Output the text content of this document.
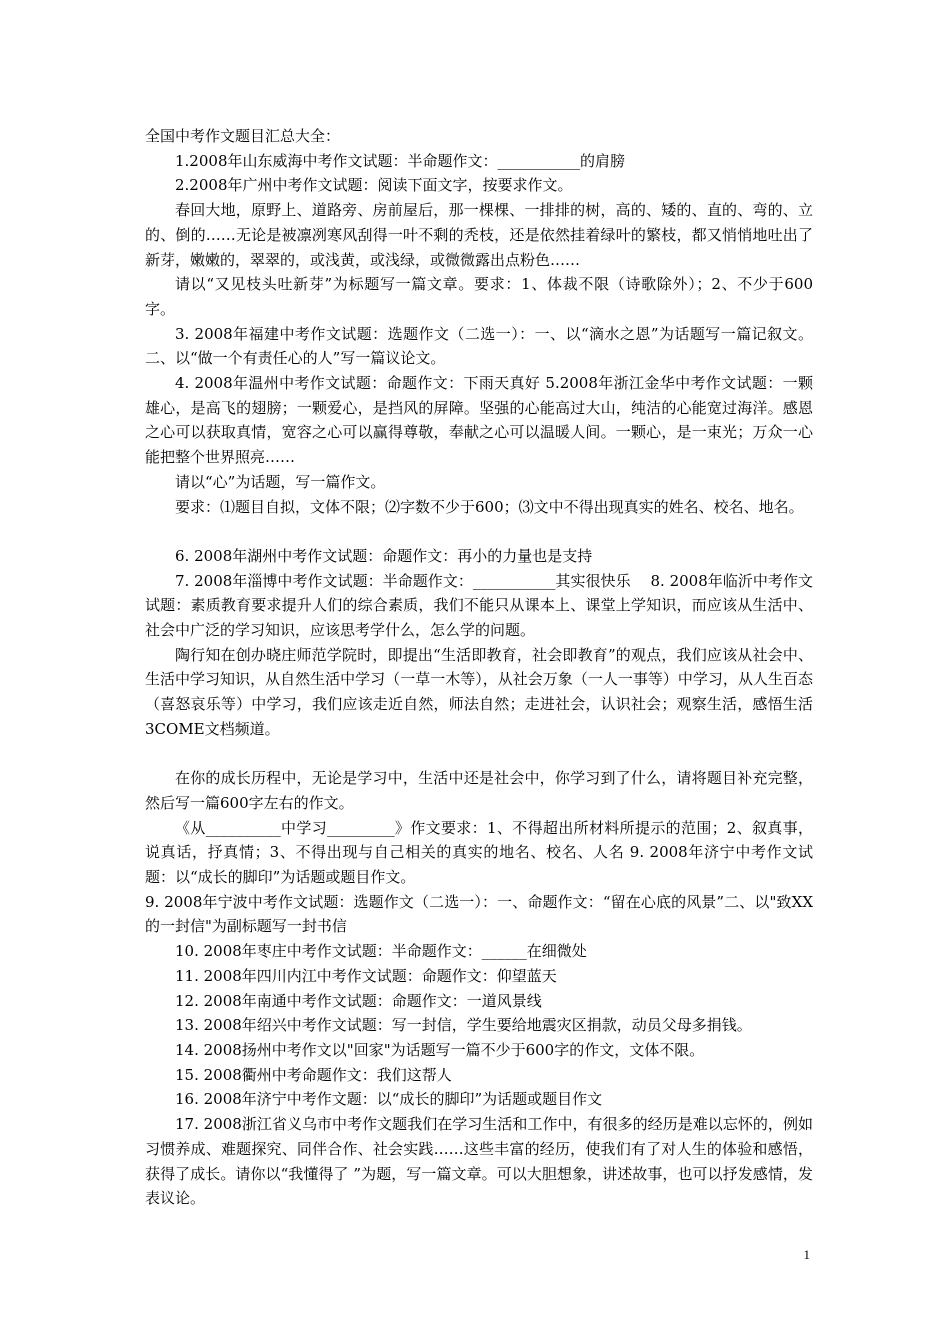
全国中考作文题目汇总大全：

1.2008年山东威海中考作文试题：半命题作文：___________的肩膀

2.2008年广州中考作文试题：阅读下面文字，按要求作文。

春回大地，原野上、道路旁、房前屋后，那一棵棵、一排排的树，高的、矮的、直的、弯的、立的、倒的……无论是被凛冽寒风刮得一叶不剩的秃枝，还是依然挂着绿叶的繁枝，都又悄悄地吐出了新芽，嫩嫩的，翠翠的，或浅黄，或浅绿，或微微露出点粉色……

请以“又见枝头吐新芽”为标题写一篇文章。要求：1、体裁不限（诗歌除外）；2、不少于600字。

3. 2008年福建中考作文试题：选题作文（二选一）：一、以“滴水之恩”为话题写一篇记叙文。二、以“做一个有责任心的人”写一篇议论文。

4. 2008年温州中考作文试题：命题作文：下雨天真好 5.2008年浙江金华中考作文试题：一颗雄心，是高飞的翅膀；一颗爱心，是挡风的屏障。坚强的心能高过大山，纯洁的心能宽过海洋。感恩之心可以获取真情，宽容之心可以赢得尊敬，奉献之心可以温暖人间。一颗心，是一束光；万众一心能把整个世界照亮……

请以“心”为话题，写一篇作文。

要求：⑴题目自拟，文体不限；⑵字数不少于600；⑶文中不得出现真实的姓名、校名、地名。

6. 2008年湖州中考作文试题：命题作文：再小的力量也是支持

7. 2008年淄博中考作文试题：半命题作文：___________其实很快乐　 8. 2008年临沂中考作文试题：素质教育要求提升人们的综合素质，我们不能只从课本上、课堂上学知识，而应该从生活中、社会中广泛的学习知识，应该思考学什么，怎么学的问题。

陶行知在创办晓庄师范学院时，即提出“生活即教育，社会即教育”的观点，我们应该从社会中、生活中学习知识，从自然生活中学习（一草一木等），从社会万象（一人一事等）中学习，从人生百态（喜怒哀乐等）中学习，我们应该走近自然，师法自然；走进社会，认识社会；观察生活，感悟生活 3COME文档频道。

在你的成长历程中，无论是学习中，生活中还是社会中，你学习到了什么，请将题目补充完整，然后写一篇600字左右的作文。

《从__________中学习_________》作文要求：1、不得超出所材料所提示的范围；2、叙真事，说真话，抒真情；3、不得出现与自己相关的真实的地名、校名、人名 9. 2008年济宁中考作文试题：以“成长的脚印”为话题或题目作文。

9. 2008年宁波中考作文试题：选题作文（二选一）：一、命题作文：“留在心底的风景”二、以"致XX的一封信"为副标题写一封书信

10. 2008年枣庄中考作文试题：半命题作文：______在细微处

11. 2008年四川内江中考作文试题：命题作文：仰望蓝天

12. 2008年南通中考作文试题：命题作文：一道风景线

13. 2008年绍兴中考作文试题：写一封信，学生要给地震灾区捐款，动员父母多捐钱。

14. 2008扬州中考作文以"回家"为话题写一篇不少于600字的作文，文体不限。

15. 2008衢州中考命题作文：我们这帮人

16. 2008年济宁中考作文题：以“成长的脚印”为话题或题目作文

17. 2008浙江省义乌市中考作文题我们在学习生活和工作中，有很多的经历是难以忘怀的，例如习惯养成、难题探究、同伴合作、社会实践……这些丰富的经历，使我们有了对人生的体验和感悟，获得了成长。请你以“我懂得了 ”为题，写一篇文章。可以大胆想象，讲述故事，也可以抒发感情，发表议论。

1
